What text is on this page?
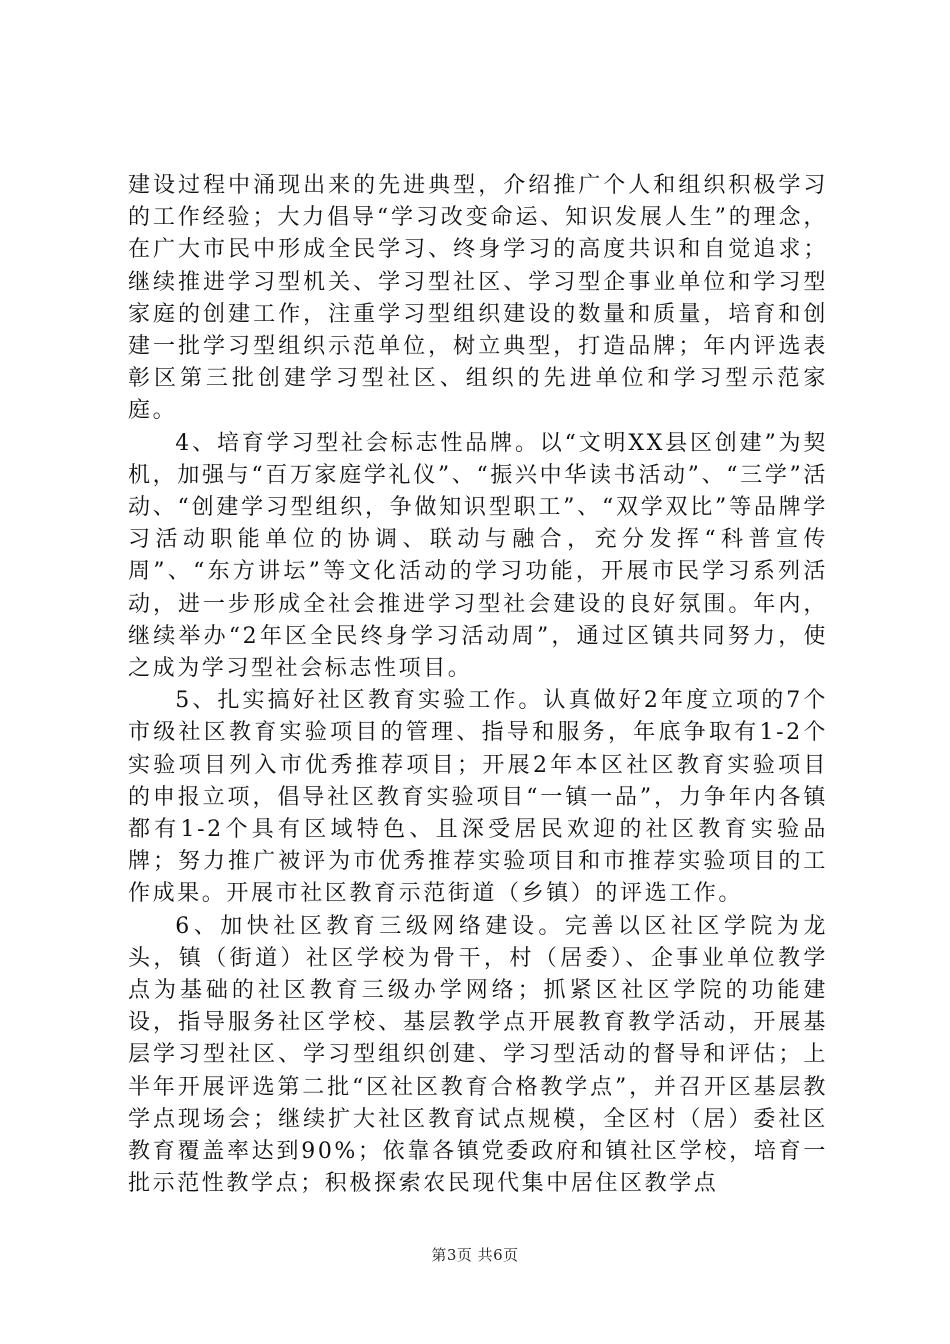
建设过程中涌现出来的先进典型，介绍推广个人和组织积极学习的工作经验；大力倡导“学习改变命运、知识发展人生”的理念，在广大市民中形成全民学习、终身学习的高度共识和自觉追求；继续推进学习型机关、学习型社区、学习型企事业单位和学习型家庭的创建工作，注重学习型组织建设的数量和质量，培育和创建一批学习型组织示范单位，树立典型，打造品牌；年内评选表彰区第三批创建学习型社区、组织的先进单位和学习型示范家庭。

4、培育学习型社会标志性品牌。以“文明XX县区创建”为契机，加强与“百万家庭学礼仪”、“振兴中华读书活动”、“三学”活动、“创建学习型组织，争做知识型职工”、“双学双比”等品牌学习活动职能单位的协调、联动与融合，充分发挥“科普宣传周”、“东方讲坛”等文化活动的学习功能，开展市民学习系列活动，进一步形成全社会推进学习型社会建设的良好氛围。年内，继续举办“2年区全民终身学习活动周”，通过区镇共同努力，使之成为学习型社会标志性项目。

5、扎实搞好社区教育实验工作。认真做好2年度立项的7个市级社区教育实验项目的管理、指导和服务，年底争取有1-2个实验项目列入市优秀推荐项目；开展2年本区社区教育实验项目的申报立项，倡导社区教育实验项目“一镇一品”，力争年内各镇都有1-2个具有区域特色、且深受居民欢迎的社区教育实验品牌；努力推广被评为市优秀推荐实验项目和市推荐实验项目的工作成果。开展市社区教育示范街道（乡镇）的评选工作。

6、加快社区教育三级网络建设。完善以区社区学院为龙头，镇（街道）社区学校为骨干，村（居委）、企事业单位教学点为基础的社区教育三级办学网络；抓紧区社区学院的功能建设，指导服务社区学校、基层教学点开展教育教学活动，开展基层学习型社区、学习型组织创建、学习型活动的督导和评估；上半年开展评选第二批“区社区教育合格教学点”，并召开区基层教学点现场会；继续扩大社区教育试点规模，全区村（居）委社区教育覆盖率达到90%；依靠各镇党委政府和镇社区学校，培育一批示范性教学点；积极探索农民现代集中居住区教学点

第3页 共6页
